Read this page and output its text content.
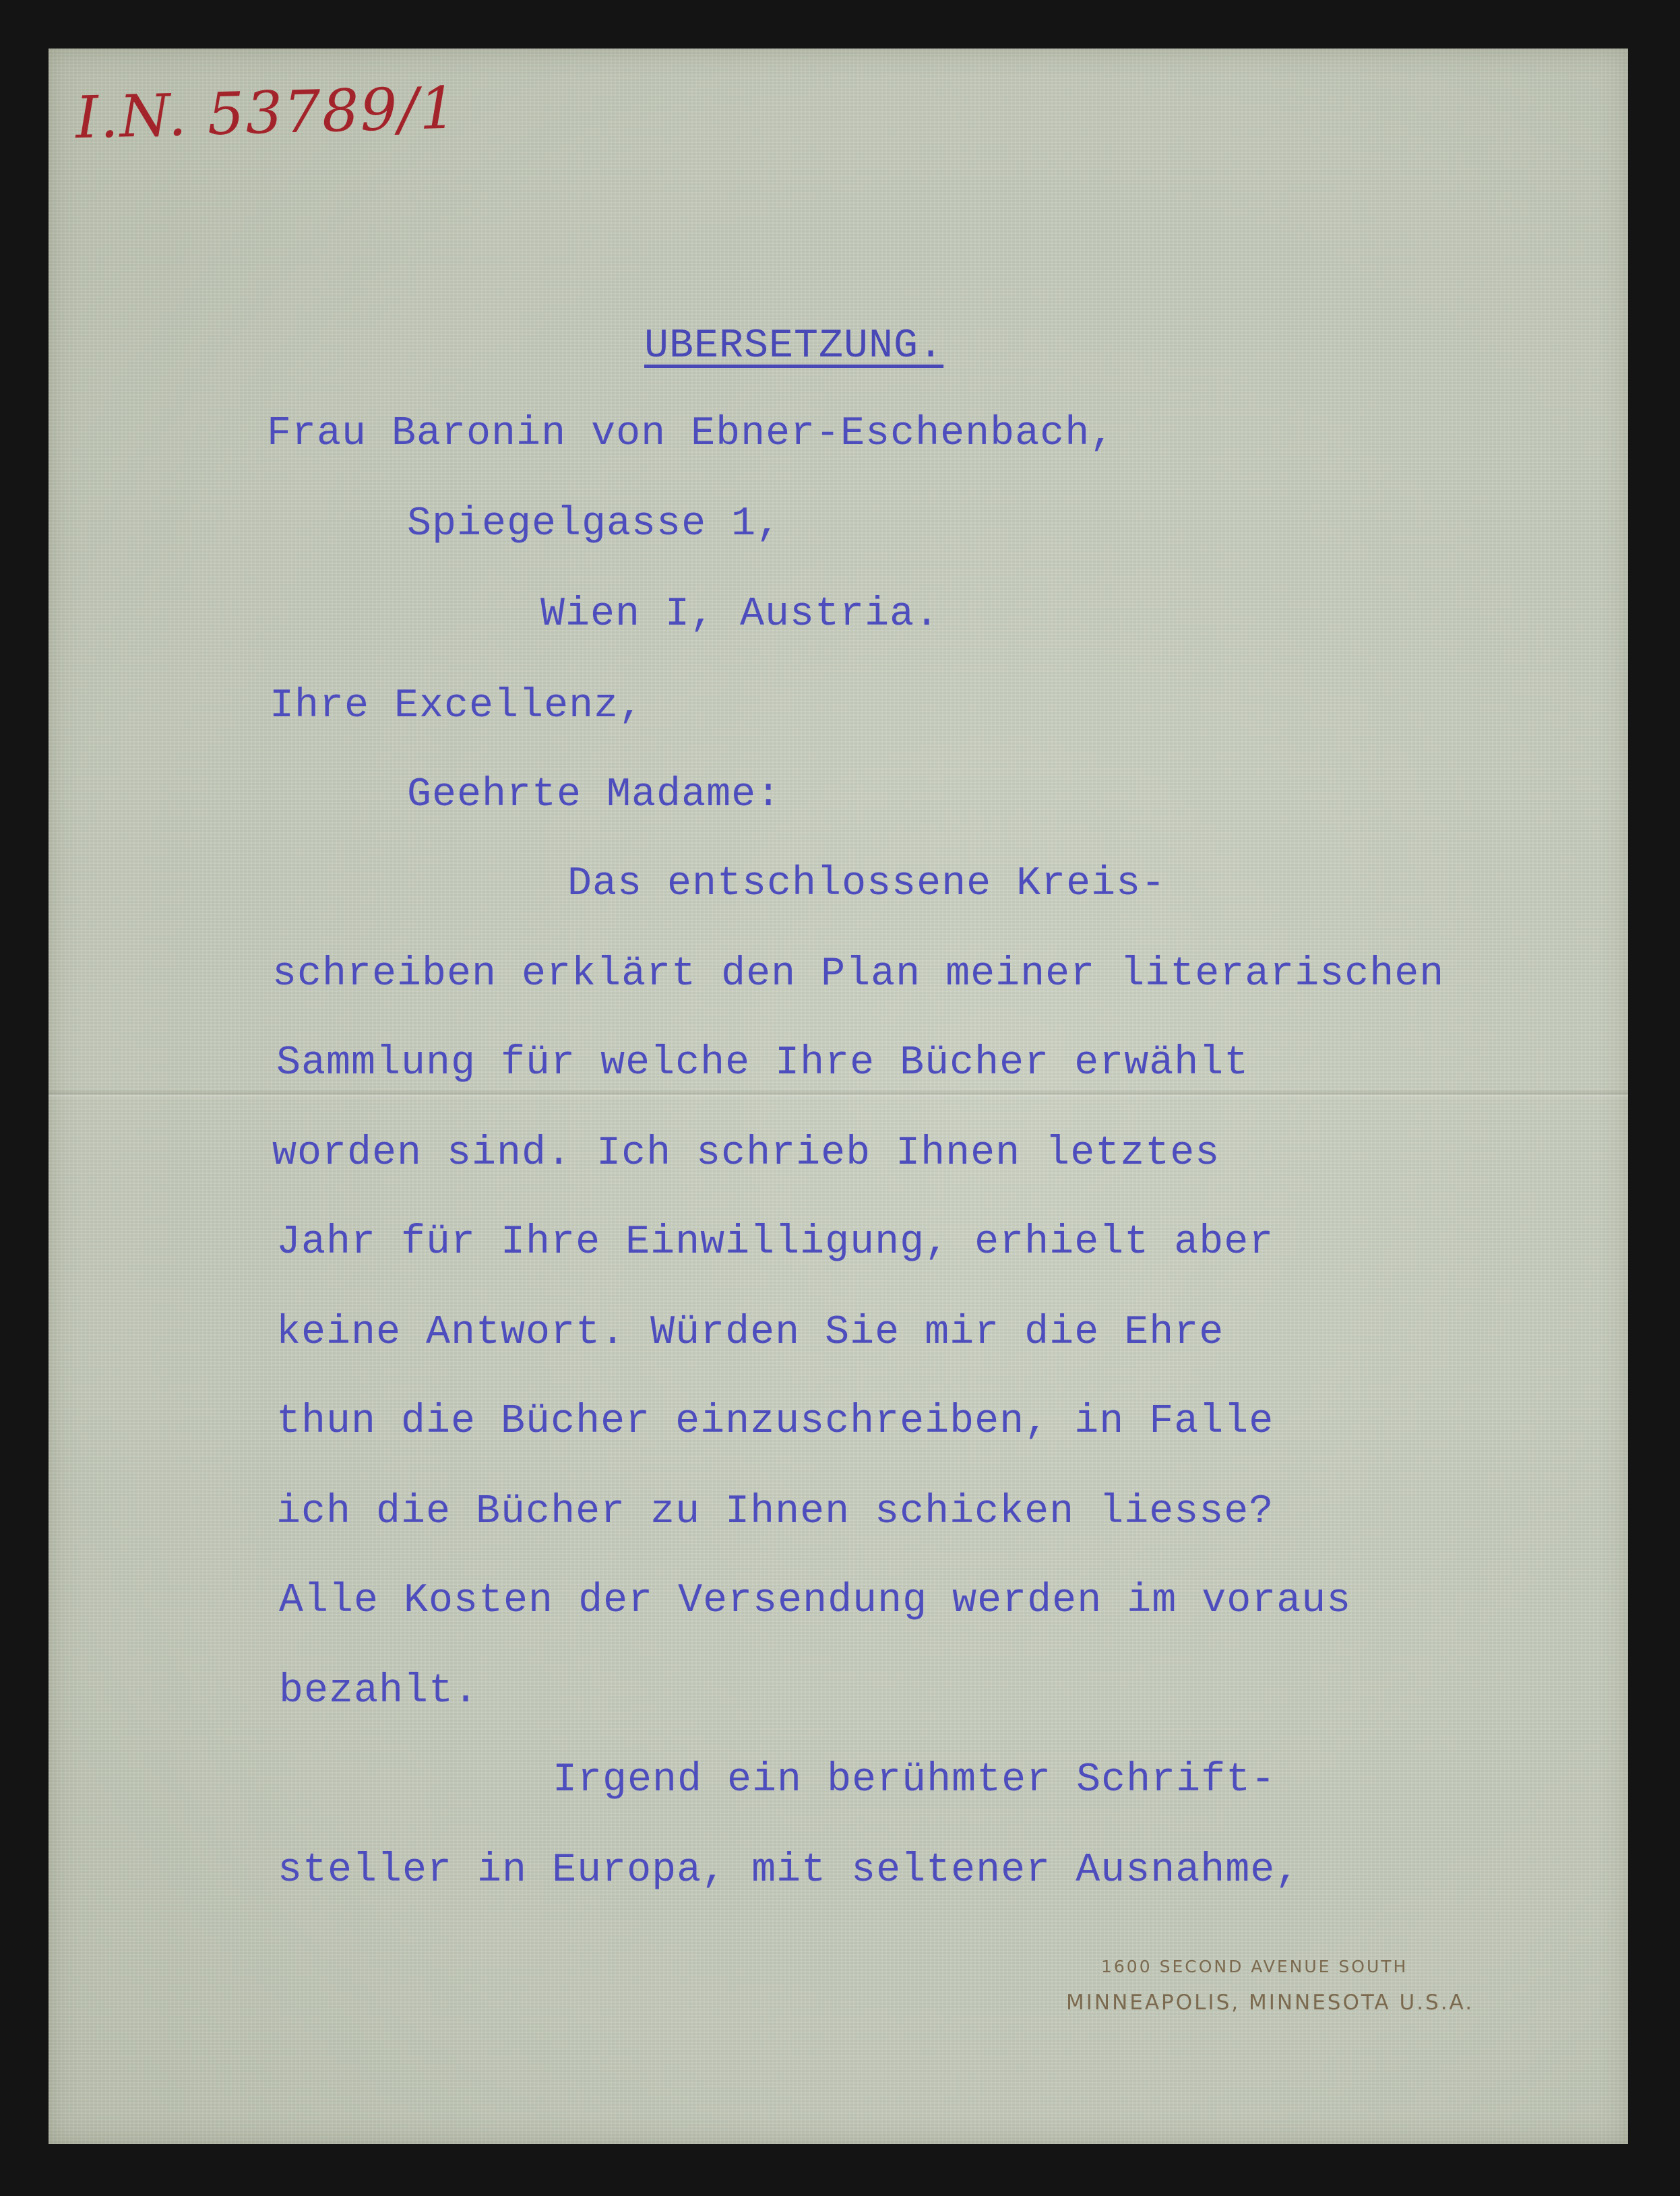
I.N. 53789/1
UBERSETZUNG.
Frau Baronin von Ebner-Eschenbach,
Spiegelgasse 1,
Wien I, Austria.
Ihre Excellenz,
Geehrte Madame:
Das entschlossene Kreis-
schreiben erklärt den Plan meiner literarischen
Sammlung für welche Ihre Bücher erwählt
worden sind. Ich schrieb Ihnen letztes
Jahr für Ihre Einwilligung, erhielt aber
keine Antwort. Würden Sie mir die Ehre
thun die Bücher einzuschreiben, in Falle
ich die Bücher zu Ihnen schicken liesse?
Alle Kosten der Versendung werden im voraus
bezahlt.
Irgend ein berühmter Schrift-
steller in Europa, mit seltener Ausnahme,
1600 SECOND AVENUE SOUTH
MINNEAPOLIS, MINNESOTA U.S.A.
